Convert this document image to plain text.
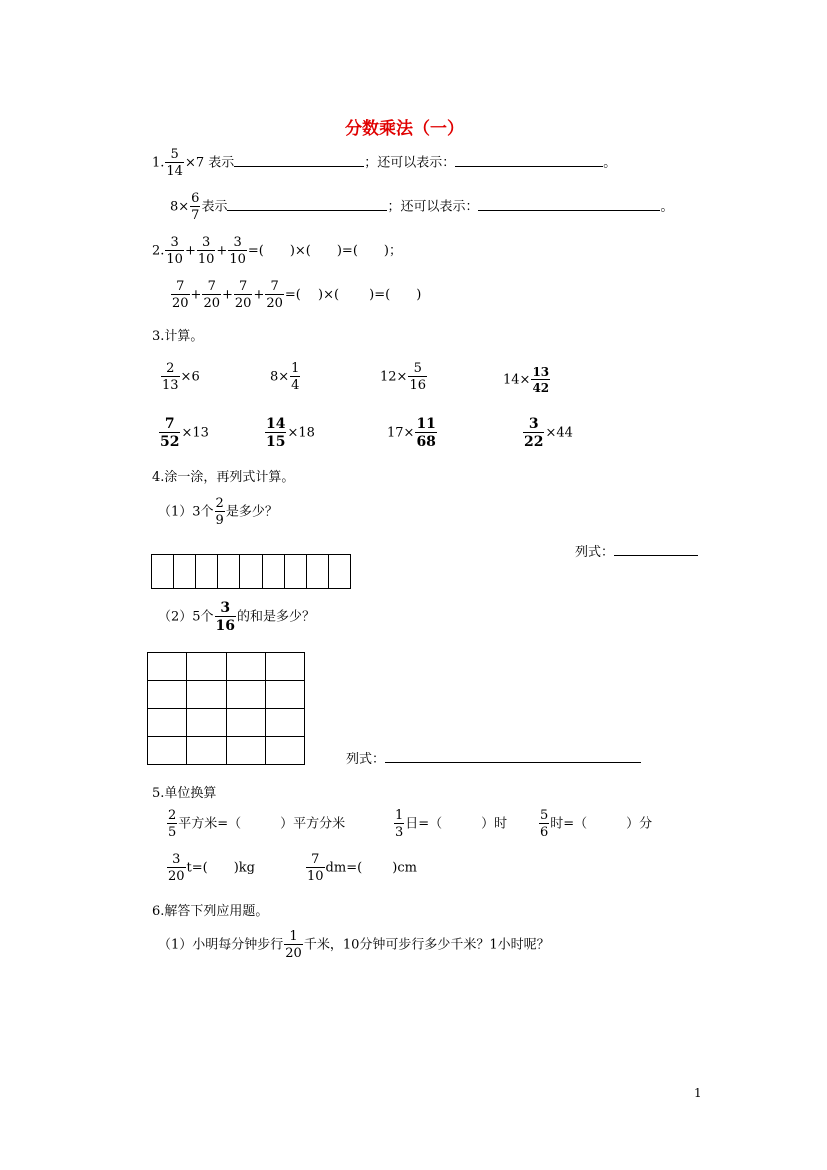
分数乘法（一）
1. $\frac{5}{14} \times 7$ 表示	；还可以表示：	。
$8\times \frac{6}{7}$ 表示	；还可以表示：	。
2. $\frac{3}{10} + \frac{3}{10} + \frac{3}{10}$ =(　　)×(　　)=(　　)；
$\frac{7}{20} + \frac{7}{20} + \frac{7}{20} + \frac{7}{20}$ =(　 )×(　　 )=(　　)
3.计算。
$\frac{2}{13} \times 6$	$8\times \frac{1}{4}$	$12\times \frac{5}{16}$	$14\times \frac{13}{42}$
$\frac{7}{52} \times 13$	$\frac{14}{15} \times 18$	$17\times \frac{11}{68}$	$\frac{3}{22} \times 44$
4.涂一涂，再列式计算。
（1）3个 $\frac{2}{9}$ 是多少？
列式：

（2）5个 $\frac{3}{16}$ 的和是多少？

列式：
5.单位换算
$\frac{2}{5}$ 平方米=（　　　）平方分米	$\frac{1}{3}$ 日=（　　　）时 $\frac{5}{6}$ 时=（　　　）分
$\frac{3}{20} t=$(　　)kg	$\frac{7}{10} dm=$(　　 )cm
6.解答下列应用题。
（1）小明每分钟步行 $\frac{1}{20}$ 千米，10分钟可步行多少千米？1小时呢？
1
